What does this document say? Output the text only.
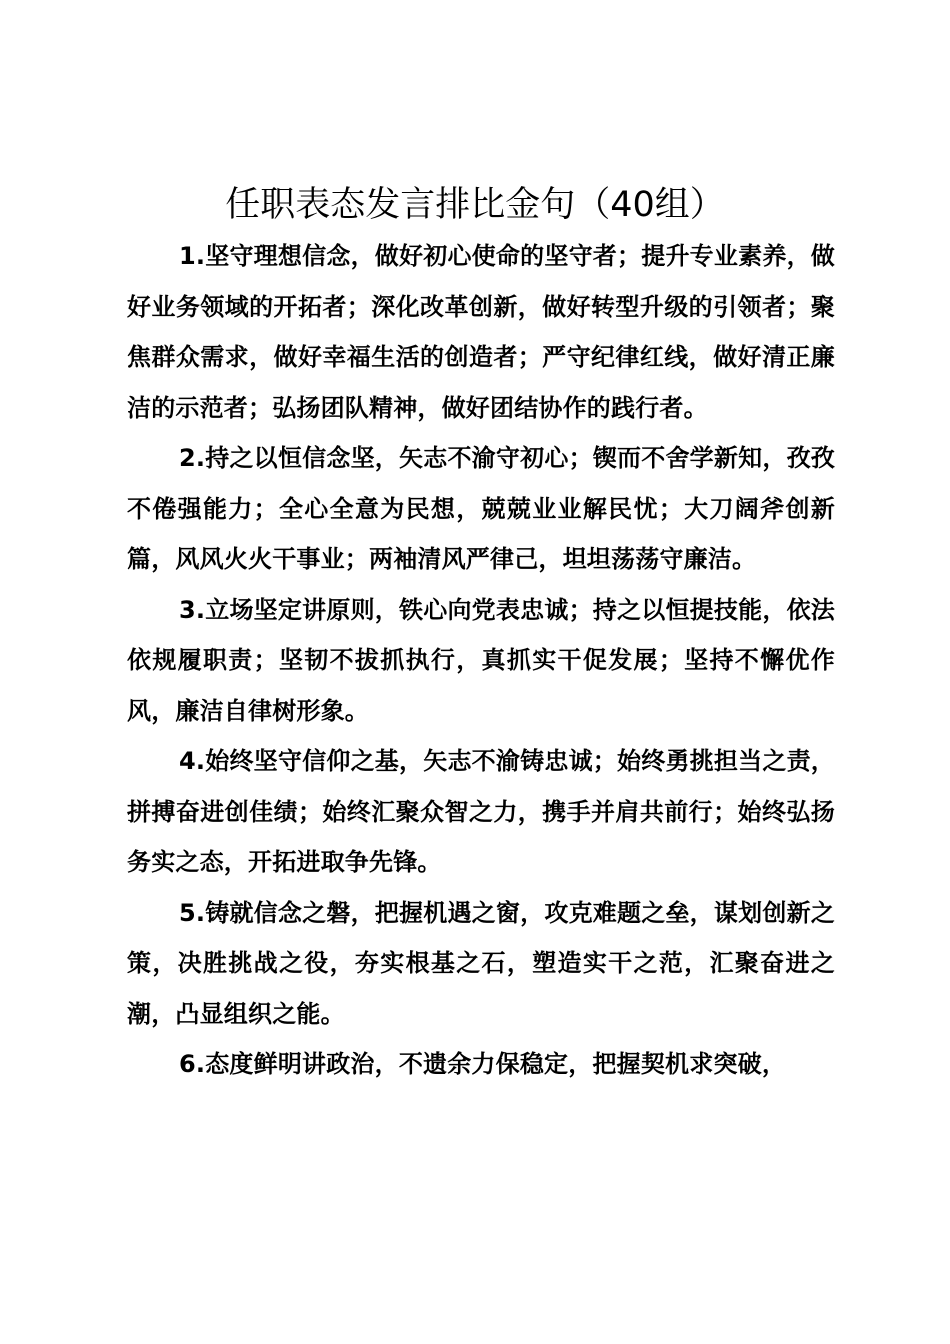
任职表态发言排比金句（40组）

1.坚守理想信念，做好初心使命的坚守者；提升专业素养，做好业务领域的开拓者；深化改革创新，做好转型升级的引领者；聚焦群众需求，做好幸福生活的创造者；严守纪律红线，做好清正廉洁的示范者；弘扬团队精神，做好团结协作的践行者。

2.持之以恒信念坚，矢志不渝守初心；锲而不舍学新知，孜孜不倦强能力；全心全意为民想，兢兢业业解民忧；大刀阔斧创新篇，风风火火干事业；两袖清风严律己，坦坦荡荡守廉洁。

3.立场坚定讲原则，铁心向党表忠诚；持之以恒提技能，依法依规履职责；坚韧不拔抓执行，真抓实干促发展；坚持不懈优作风，廉洁自律树形象。

4.始终坚守信仰之基，矢志不渝铸忠诚；始终勇挑担当之责，拼搏奋进创佳绩；始终汇聚众智之力，携手并肩共前行；始终弘扬务实之态，开拓进取争先锋。

5.铸就信念之磐，把握机遇之窗，攻克难题之垒，谋划创新之策，决胜挑战之役，夯实根基之石，塑造实干之范，汇聚奋进之潮，凸显组织之能。

6.态度鲜明讲政治，不遗余力保稳定，把握契机求突破，
